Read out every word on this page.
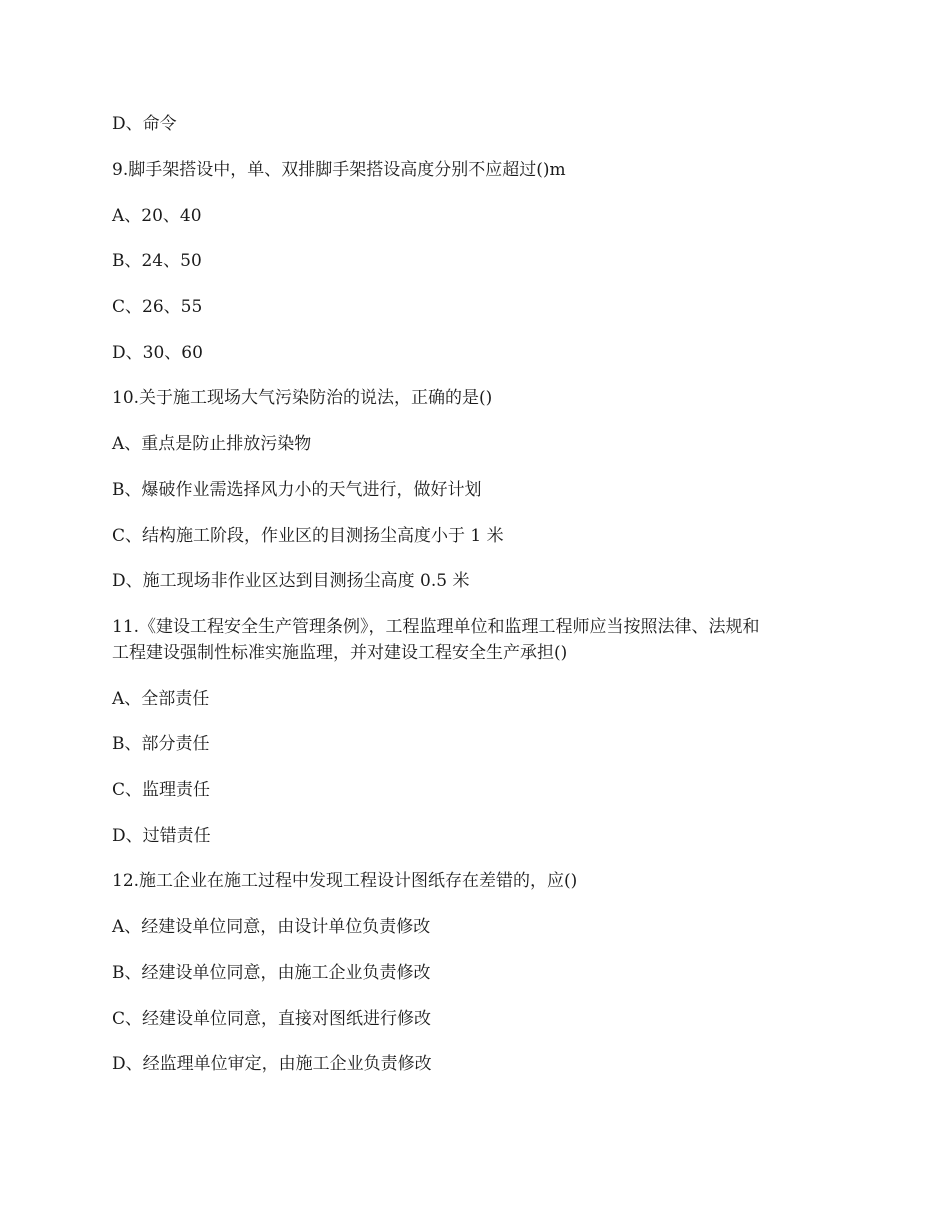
D、命令
9.脚手架搭设中，单、双排脚手架搭设高度分别不应超过()m
A、20、40
B、24、50
C、26、55
D、30、60
10.关于施工现场大气污染防治的说法，正确的是()
A、重点是防止排放污染物
B、爆破作业需选择风力小的天气进行，做好计划
C、结构施工阶段，作业区的目测扬尘高度小于 1 米
D、施工现场非作业区达到目测扬尘高度 0.5 米
11.《建设工程安全生产管理条例》，工程监理单位和监理工程师应当按照法律、法规和
工程建设强制性标准实施监理，并对建设工程安全生产承担()
A、全部责任
B、部分责任
C、监理责任
D、过错责任
12.施工企业在施工过程中发现工程设计图纸存在差错的，应()
A、经建设单位同意，由设计单位负责修改
B、经建设单位同意，由施工企业负责修改
C、经建设单位同意，直接对图纸进行修改
D、经监理单位审定，由施工企业负责修改
